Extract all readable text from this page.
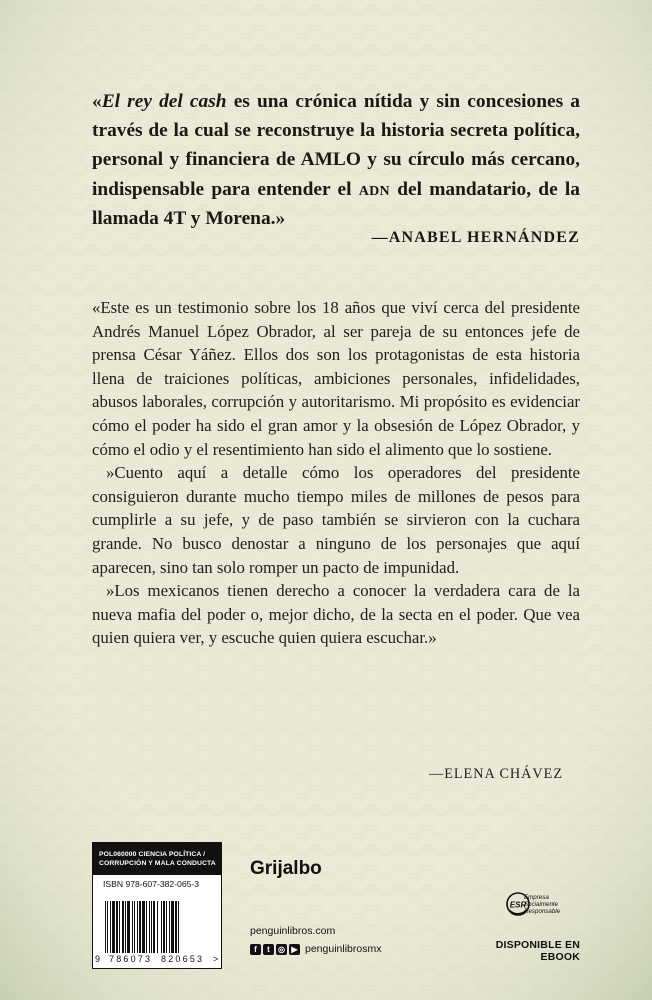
«El rey del cash es una crónica nítida y sin concesiones a través de la cual se reconstruye la historia secreta política, personal y financiera de AMLO y su círculo más cercano, indispensable para entender el adn del mandatario, de la llamada 4T y Morena.»
—ANABEL HERNÁNDEZ

«Este es un testimonio sobre los 18 años que viví cerca del presidente Andrés Manuel López Obrador, al ser pareja de su entonces jefe de prensa César Yáñez. Ellos dos son los protagonistas de esta historia llena de traiciones políticas, ambiciones personales, infidelidades, abusos laborales, corrupción y autoritarismo. Mi propósito es evidenciar cómo el poder ha sido el gran amor y la obsesión de López Obrador, y cómo el odio y el resentimiento han sido el alimento que lo sostiene.

»Cuento aquí a detalle cómo los operadores del presidente consiguieron durante mucho tiempo miles de millones de pesos para cumplirle a su jefe, y de paso también se sirvieron con la cuchara grande. No busco denostar a ninguno de los personajes que aquí aparecen, sino tan solo romper un pacto de impunidad.

»Los mexicanos tienen derecho a conocer la verdadera cara de la nueva mafia del poder o, mejor dicho, de la secta en el poder. Que vea quien quiera ver, y escuche quien quiera escuchar.»

—ELENA CHÁVEZ
POL060000 CIENCIA POLÍTICA /
CORRUPCIÓN Y MALA CONDUCTA
ISBN 978-607-382-065-3
9 786073 820653 >
Grijalbo
penguinlibros.com
f	t	◎ ▶ penguinlibrosmx
ESR
Empresa
Socialmente
Responsable
DISPONIBLE EN EBOOK
